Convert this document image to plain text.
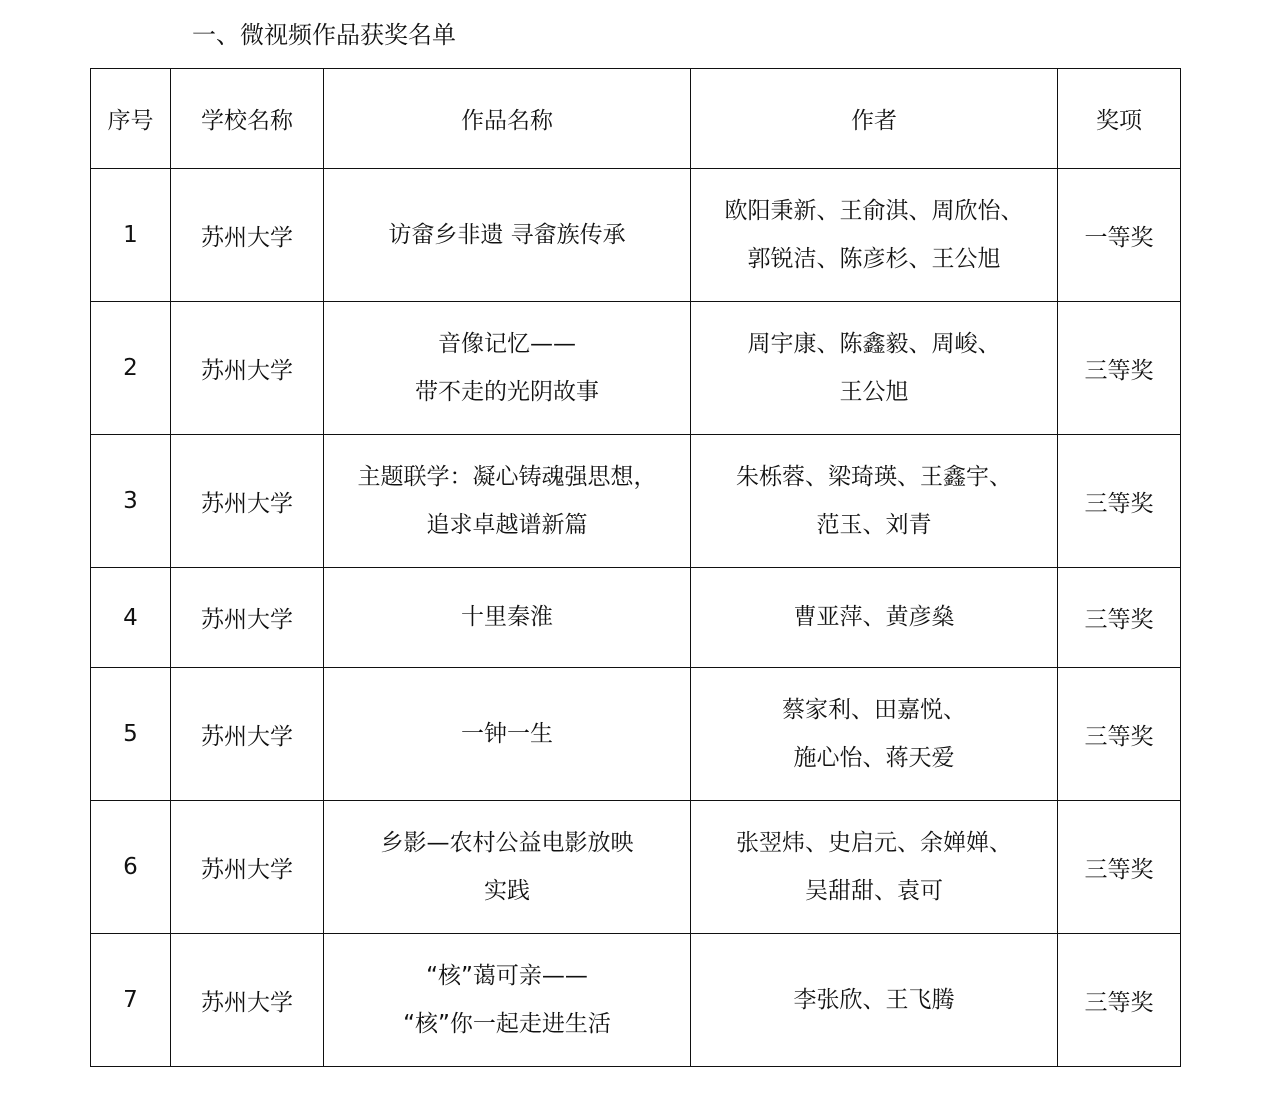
一、微视频作品获奖名单
序号	学校名称	作品名称	作者	奖项
1	苏州大学	访畲乡非遗 寻畲族传承	欧阳秉新、王俞淇、周欣怡、
郭锐洁、陈彦杉、王公旭	一等奖
2	苏州大学	音像记忆——
带不走的光阴故事	周宇康、陈鑫毅、周峻、
王公旭	三等奖
3	苏州大学	主题联学：凝心铸魂强思想，
追求卓越谱新篇	朱栎蓉、梁琦瑛、王鑫宇、
范玉、刘青	三等奖
4	苏州大学	十里秦淮	曹亚萍、黄彦燊	三等奖
5	苏州大学	一钟一生	蔡家利、田嘉悦、
施心怡、蒋天爱	三等奖
6	苏州大学	乡影—农村公益电影放映
实践	张翌炜、史启元、余婵婵、
吴甜甜、袁可	三等奖
7	苏州大学	“核”蔼可亲——
“核”你一起走进生活	李张欣、王飞腾	三等奖
